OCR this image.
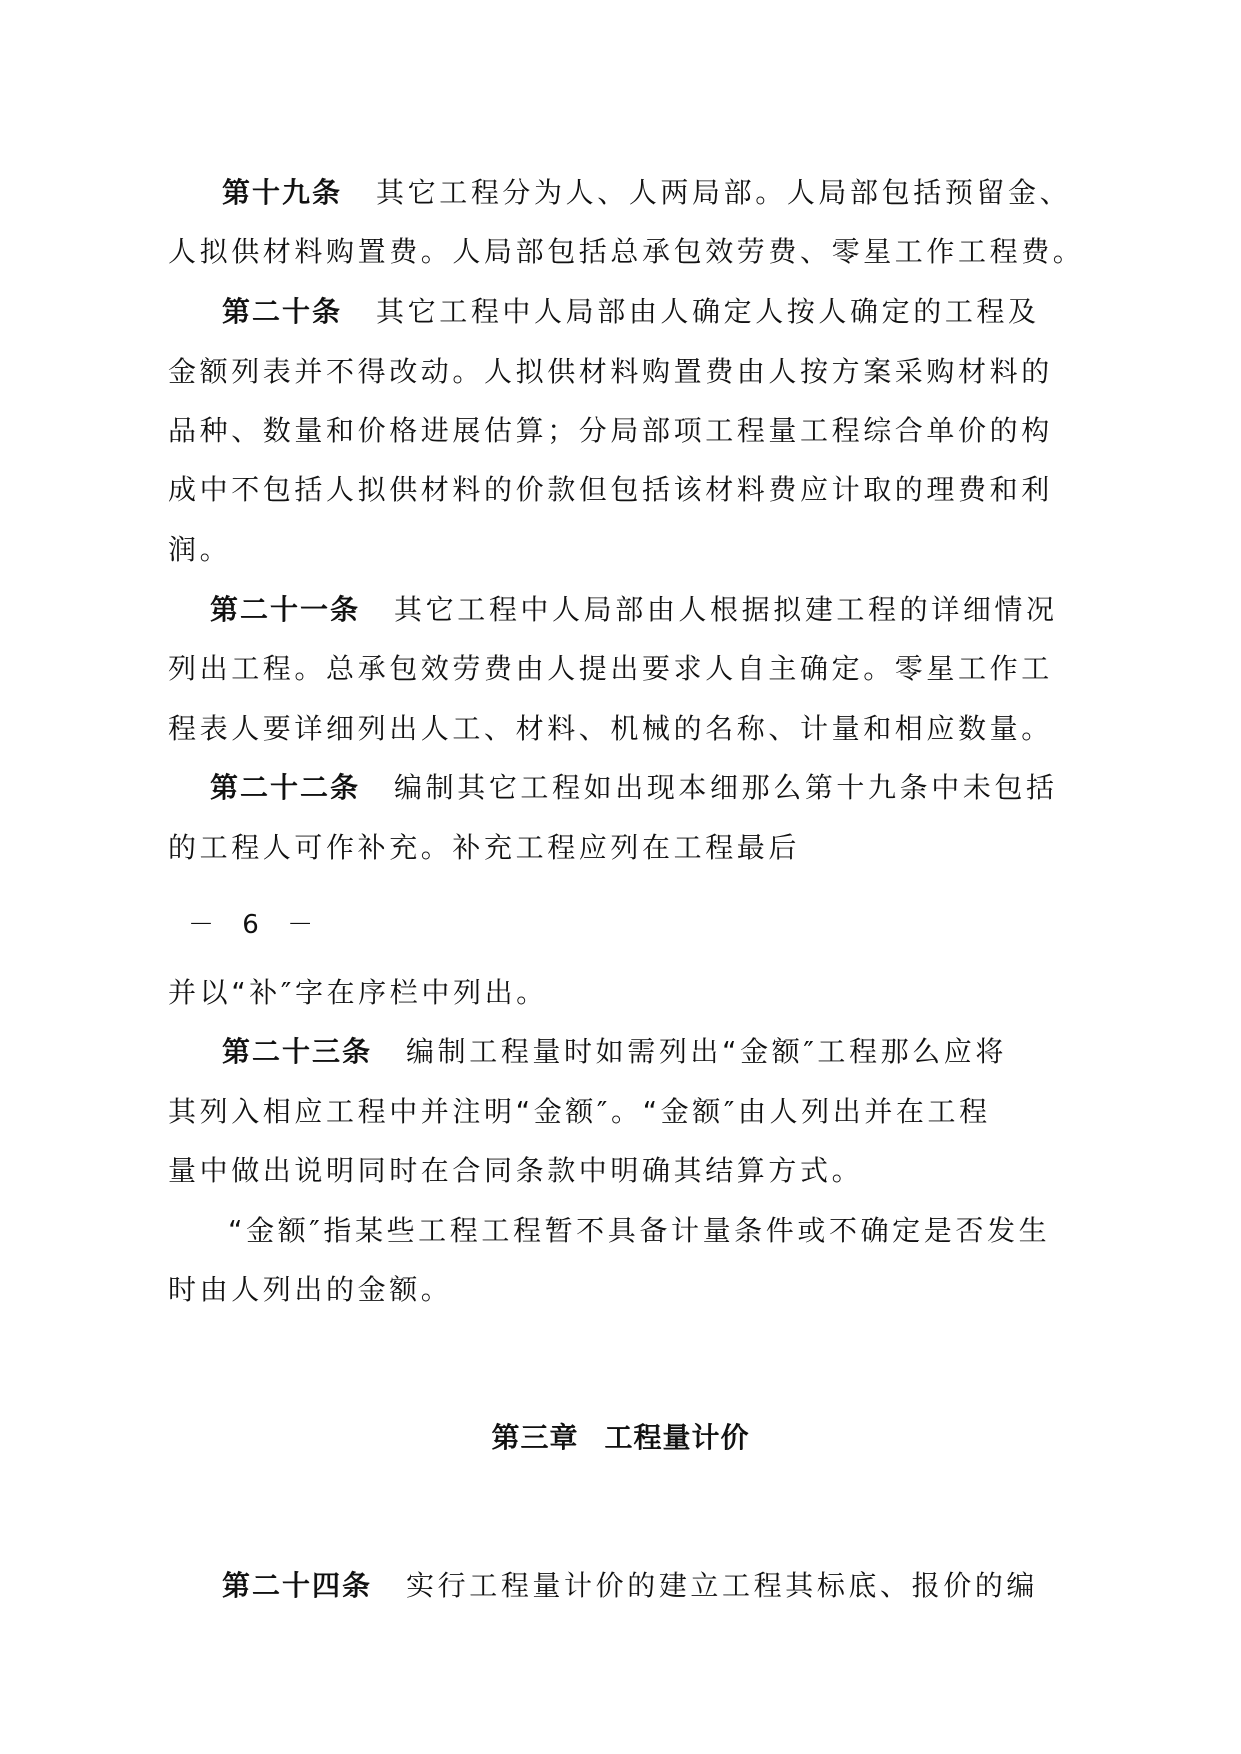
第十九条 其它工程分为人、人两局部。人局部包括预留金、
人拟供材料购置费。人局部包括总承包效劳费、零星工作工程费。
第二十条 其它工程中人局部由人确定人按人确定的工程及
金额列表并不得改动。人拟供材料购置费由人按方案采购材料的
品种、数量和价格进展估算；分局部项工程量工程综合单价的构
成中不包括人拟供材料的价款但包括该材料费应计取的理费和利
润。
第二十一条 其它工程中人局部由人根据拟建工程的详细情况
列出工程。总承包效劳费由人提出要求人自主确定。零星工作工
程表人要详细列出人工、材料、机械的名称、计量和相应数量。
第二十二条 编制其它工程如出现本细那么第十九条中未包括
的工程人可作补充。补充工程应列在工程最后
－ 6 －
并以“补″字在序栏中列出。
第二十三条 编制工程量时如需列出“金额″工程那么应将
其列入相应工程中并注明“金额″。“金额″由人列出并在工程
量中做出说明同时在合同条款中明确其结算方式。
“金额″指某些工程工程暂不具备计量条件或不确定是否发生
时由人列出的金额。
第三章 工程量计价
第二十四条 实行工程量计价的建立工程其标底、报价的编
